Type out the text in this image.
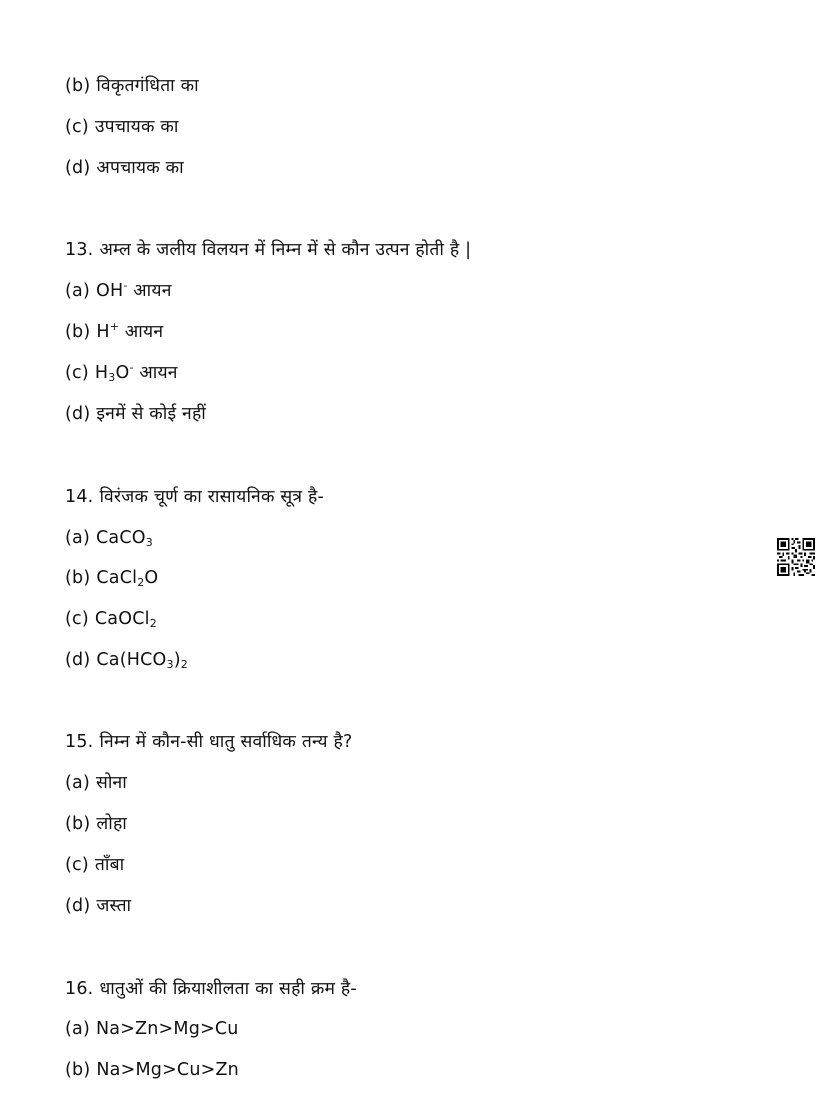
(b) विकृतगंधिता का
(c) उपचायक का
(d) अपचायक का
13. अम्ल के जलीय विलयन में निम्न में से कौन उत्पन होती है |
(a) OH- आयन
(b) H+ आयन
(c) $H_3O^-$ आयन
(d) इनमें से कोई नहीं
14. विरंजक चूर्ण का रासायनिक सूत्र है-
(a) CaCO$_3$
(b) CaCl$_2$O
(c) CaOCl$_2$
(d) $Ca(HCO_3)_2$
15. निम्न में कौन-सी धातु सर्वाधिक तन्य है?
(a) सोना
(b) लोहा
(c) ताँबा
(d) जस्ता
16. धातुओं की क्रियाशीलता का सही क्रम है-
(a) Na>Zn>Mg>Cu
(b) Na>Mg>Cu>Zn
